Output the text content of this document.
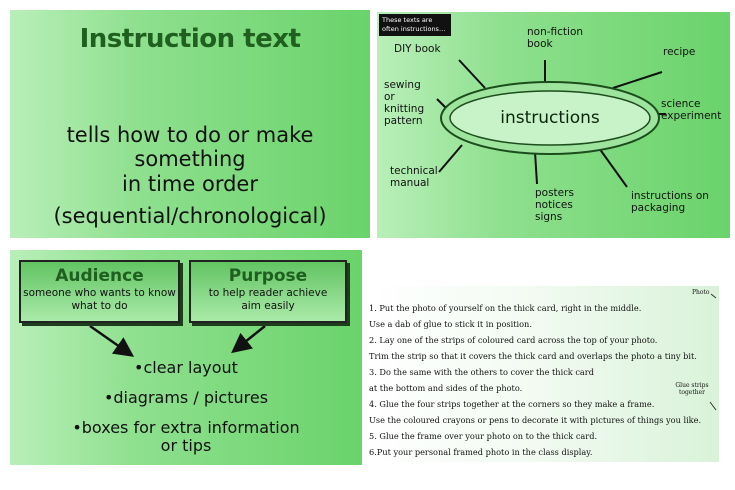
Instruction text
tells how to do or make something
in time order
(sequential/chronological)
These texts are often instructions…
instructions
DIY book
non-fiction book
recipe
sewing or knitting pattern
science experiment
technical manual
posters notices signs
instructions on packaging
Audience
someone who wants to know what to do
Purpose
to help reader achieve aim easily
•clear layout
•diagrams / pictures
•boxes for extra information or tips
1. Put the photo of yourself on the thick card, right in the middle.
Use a dab of glue to stick it in position.
2. Lay one of the strips of coloured card across the top of your photo.
Trim the strip so that it covers the thick card and overlaps the photo a tiny bit.
3. Do the same with the others to cover the thick card
at the bottom and sides of the photo.
4. Glue the four strips together at the corners so they make a frame.
Use the coloured crayons or pens to decorate it with pictures of things you like.
5. Glue the frame over your photo on to the thick card.
6.Put your personal framed photo in the class display.
Photo
Glue strips together
